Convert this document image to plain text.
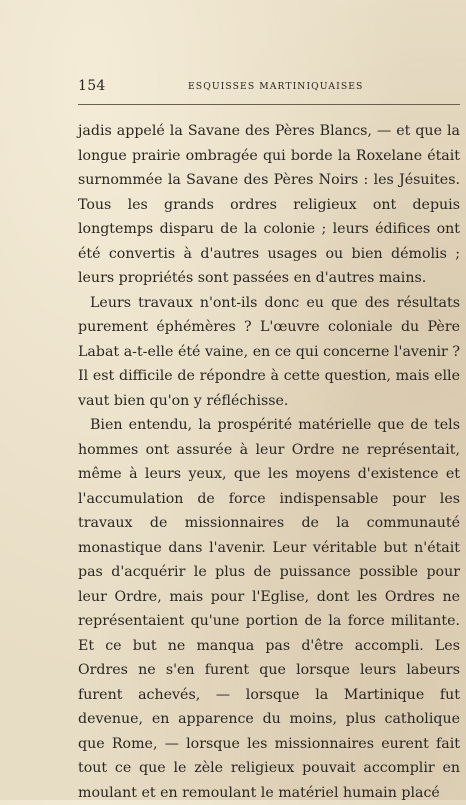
154	ESQUISSES MARTINIQUAISES

jadis appelé la Savane des Pères Blancs, — et que la longue prairie ombragée qui borde la Roxelane était surnommée la Savane des Pères Noirs : les Jésuites. Tous les grands ordres religieux ont depuis longtemps disparu de la colonie ; leurs édifices ont été convertis à d'autres usages ou bien démolis ; leurs propriétés sont passées en d'autres mains.

Leurs travaux n'ont-ils donc eu que des résultats purement éphémères ? L'œuvre coloniale du Père Labat a-t-elle été vaine, en ce qui concerne l'avenir ? Il est difficile de répondre à cette question, mais elle vaut bien qu'on y réfléchisse.

Bien entendu, la prospérité matérielle que de tels hommes ont assurée à leur Ordre ne représentait, même à leurs yeux, que les moyens d'existence et l'accumulation de force indispensable pour les travaux de missionnaires de la communauté monastique dans l'avenir. Leur véritable but n'était pas d'acquérir le plus de puissance possible pour leur Ordre, mais pour l'Eglise, dont les Ordres ne représentaient qu'une portion de la force militante. Et ce but ne manqua pas d'être accompli. Les Ordres ne s'en furent que lorsque leurs labeurs furent achevés, — lorsque la Martinique fut devenue, en apparence du moins, plus catholique que Rome, — lorsque les missionnaires eurent fait tout ce que le zèle religieux pouvait accomplir en moulant et en remoulant le matériel humain placé
